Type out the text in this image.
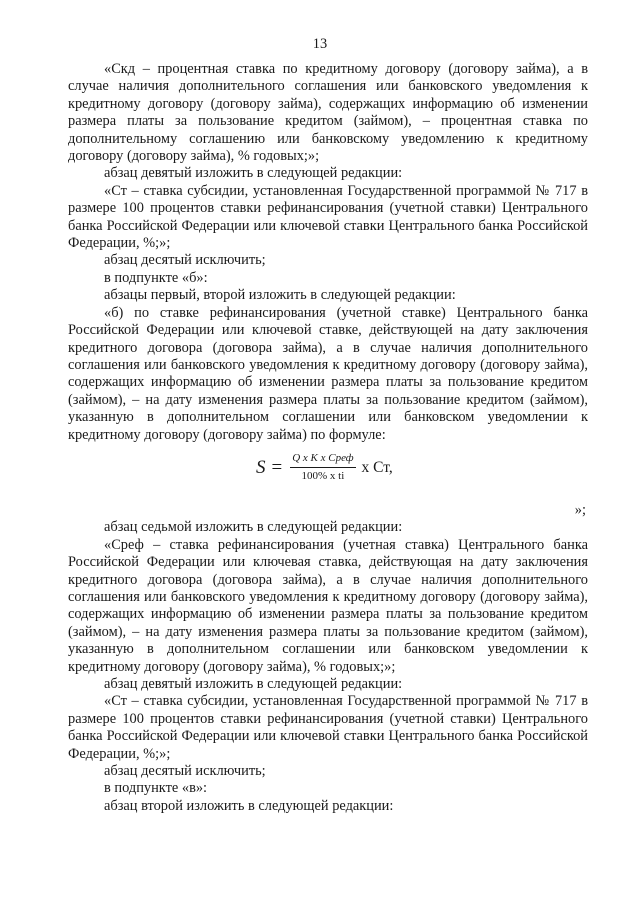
13

«Cкд – процентная ставка по кредитному договору (договору займа), а в случае наличия дополнительного соглашения или банковского уведомления к кредитному договору (договору займа), содержащих информацию об изменении размера платы за пользование кредитом (займом), – процентная ставка по дополнительному соглашению или банковскому уведомлению к кредитному договору (договору займа), % годовых;»;

абзац девятый изложить в следующей редакции:

«Ст – ставка субсидии, установленная Государственной программой № 717 в размере 100 процентов ставки рефинансирования (учетной ставки) Центрального банка Российской Федерации или ключевой ставки Центрального банка Российской Федерации, %;»;

абзац десятый исключить;

в подпункте «б»:

абзацы первый, второй изложить в следующей редакции:

«б) по ставке рефинансирования (учетной ставке) Центрального банка Российской Федерации или ключевой ставке, действующей на дату заключения кредитного договора (договора займа), а в случае наличия дополнительного соглашения или банковского уведомления к кредитному договору (договору займа), содержащих информацию об изменении размера платы за пользование кредитом (займом), – на дату изменения размера платы за пользование кредитом (займом), указанную в дополнительном соглашении или банковском уведомлении к кредитному договору (договору займа) по формуле:

$S = \frac{\text{Q x K x Cреф}}{\text{100\% x ti}}$ x Ст,

»;

абзац седьмой изложить в следующей редакции:

«Cреф – ставка рефинансирования (учетная ставка) Центрального банка Российской Федерации или ключевая ставка, действующая на дату заключения кредитного договора (договора займа), а в случае наличия дополнительного соглашения или банковского уведомления к кредитному договору (договору займа), содержащих информацию об изменении размера платы за пользование кредитом (займом), – на дату изменения размера платы за пользование кредитом (займом), указанную в дополнительном соглашении или банковском уведомлении к кредитному договору (договору займа), % годовых;»;

абзац девятый изложить в следующей редакции:

«Ст – ставка субсидии, установленная Государственной программой № 717 в размере 100 процентов ставки рефинансирования (учетной ставки) Центрального банка Российской Федерации или ключевой ставки Центрального банка Российской Федерации, %;»;

абзац десятый исключить;

в подпункте «в»:

абзац второй изложить в следующей редакции:
